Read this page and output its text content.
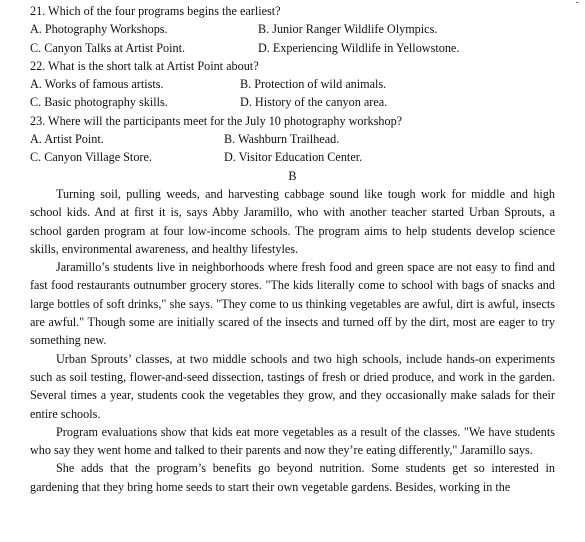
-
21. Which of the four programs begins the earliest?
A. Photography Workshops.	B. Junior Ranger Wildlife Olympics.
C. Canyon Talks at Artist Point.	D. Experiencing Wildlife in Yellowstone.
22. What is the short talk at Artist Point about?
A. Works of famous artists.	B. Protection of wild animals.
C. Basic photography skills.	D. History of the canyon area.
23. Where will the participants meet for the July 10 photography workshop?
A. Artist Point.	B. Washburn Trailhead.
C. Canyon Village Store.	D. Visitor Education Center.
B

Turning soil, pulling weeds, and harvesting cabbage sound like tough work for middle and high school kids. And at first it is, says Abby Jaramillo, who with another teacher started Urban Sprouts, a school garden program at four low-income schools. The program aims to help students develop science skills, environmental awareness, and healthy lifestyles.

Jaramillo’s students live in neighborhoods where fresh food and green space are not easy to find and fast food restaurants outnumber grocery stores. "The kids literally come to school with bags of snacks and large bottles of soft drinks," she says. "They come to us thinking vegetables are awful, dirt is awful, insects are awful." Though some are initially scared of the insects and turned off by the dirt, most are eager to try something new.

Urban Sprouts’ classes, at two middle schools and two high schools, include hands-on experiments such as soil testing, flower-and-seed dissection, tastings of fresh or dried produce, and work in the garden. Several times a year, students cook the vegetables they grow, and they occasionally make salads for their entire schools.

Program evaluations show that kids eat more vegetables as a result of the classes. "We have students who say they went home and talked to their parents and now they’re eating differently," Jaramillo says.

She adds that the program’s benefits go beyond nutrition. Some students get so interested in gardening that they bring home seeds to start their own vegetable gardens. Besides, working in the
